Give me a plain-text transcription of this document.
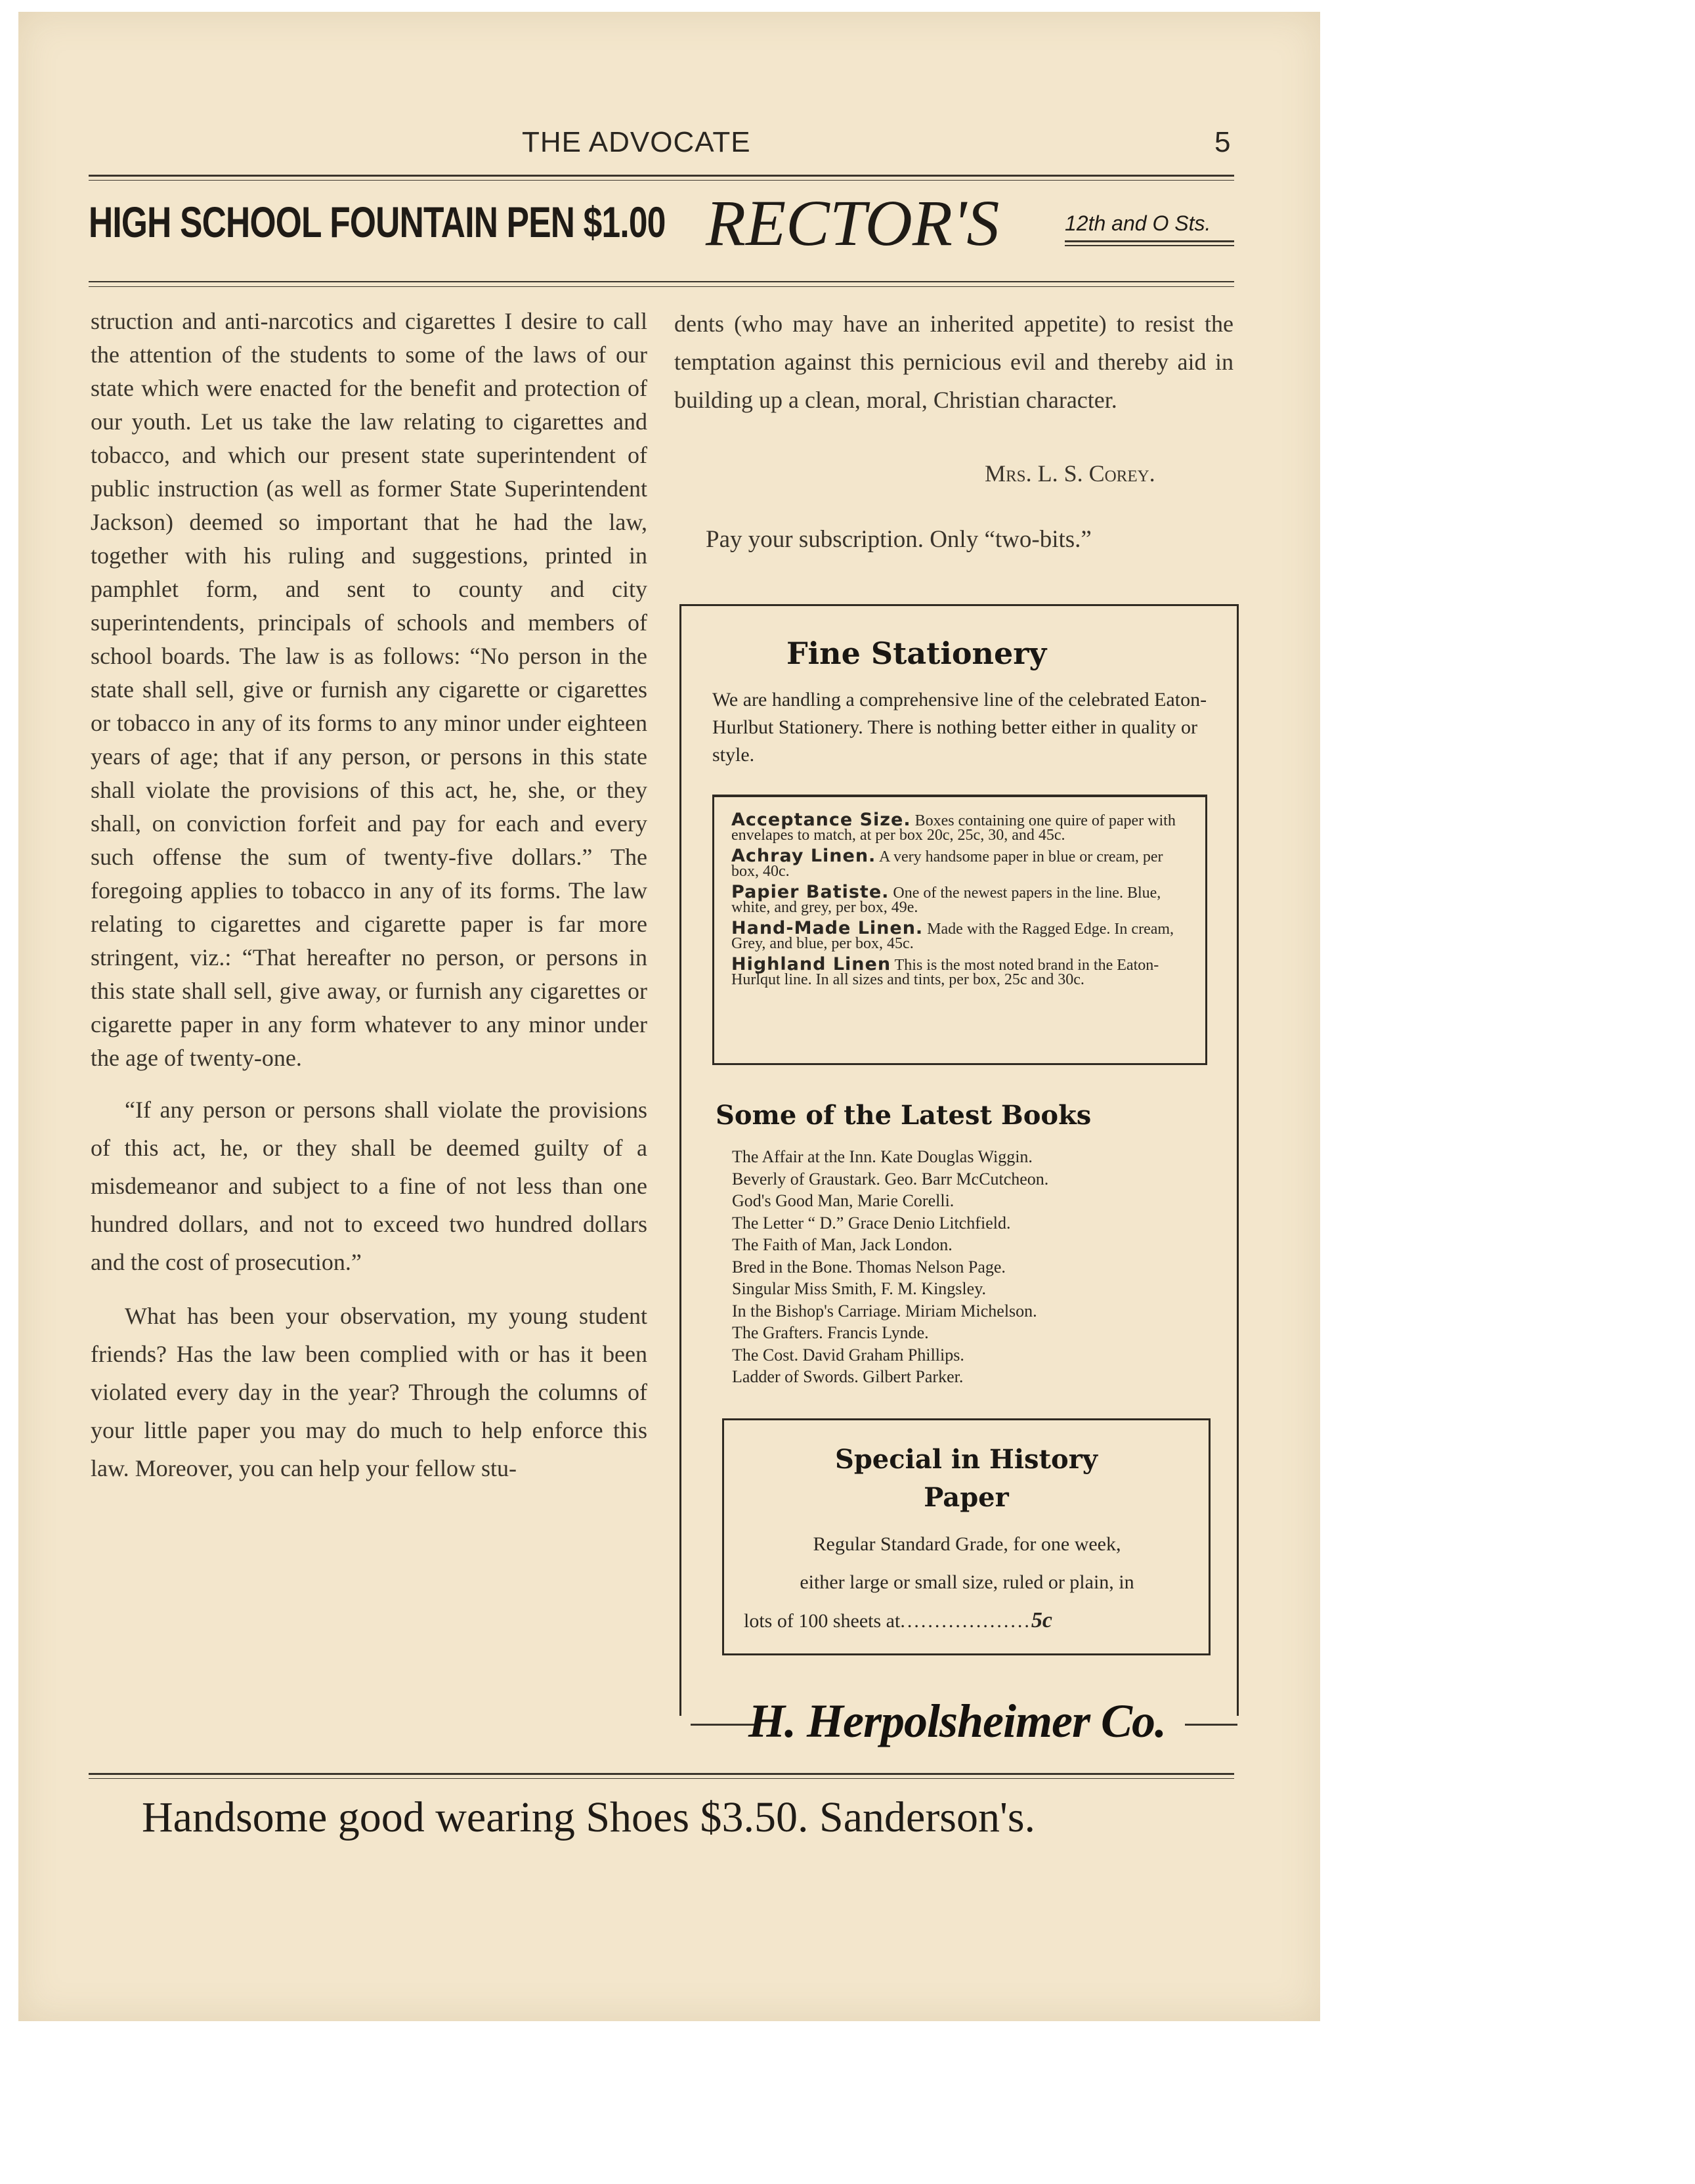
THE ADVOCATE	5
HIGH SCHOOL FOUNTAIN PEN $1.00 RECTOR'S	12th and O Sts.

struction and anti-narcotics and cigarettes I desire to call the attention of the students to some of the laws of our state which were enacted for the benefit and protection of our youth. Let us take the law relating to cigarettes and tobacco, and which our present state superintendent of public instruction (as well as former State Superintendent Jackson) deemed so important that he had the law, together with his ruling and suggestions, printed in pamphlet form, and sent to county and city superintendents, principals of schools and members of school boards. The law is as follows: “No person in the state shall sell, give or furnish any cigarette or cigarettes or tobacco in any of its forms to any minor under eighteen years of age; that if any person, or persons in this state shall violate the provisions of this act, he, she, or they shall, on conviction forfeit and pay for each and every such offense the sum of twenty-five dollars.” The foregoing applies to tobacco in any of its forms. The law relating to cigarettes and cigarette paper is far more stringent, viz.: “That hereafter no person, or persons in this state shall sell, give away, or furnish any cigarettes or cigarette paper in any form whatever to any minor under the age of twenty-one.

“If any person or persons shall violate the provisions of this act, he, or they shall be deemed guilty of a misdemeanor and subject to a fine of not less than one hundred dollars, and not to exceed two hundred dollars and the cost of prosecution.”

What has been your observation, my young student friends? Has the law been complied with or has it been violated every day in the year? Through the columns of your little paper you may do much to help enforce this law. Moreover, you can help your fellow stu-

dents (who may have an inherited appetite) to resist the temptation against this pernicious evil and thereby aid in building up a clean, moral, Christian character.
Mrs. L. S. Corey.
Pay your subscription. Only “two-bits.”
Fine Stationery
We are handling a comprehensive line of the celebrated Eaton-Hurlbut Stationery. There is nothing better either in quality or style.

Acceptance Size. Boxes containing one quire of paper with envelapes to match, at per box 20c, 25c, 30, and 45c.

Achray Linen. A very handsome paper in blue or cream, per box, 40c.

Papier Batiste. One of the newest papers in the line. Blue, white, and grey, per box, 49e.

Hand-Made Linen. Made with the Ragged Edge. In cream, Grey, and blue, per box, 45c.

Highland Linen This is the most noted brand in the Eaton-Hurlqut line. In all sizes and tints, per box, 25c and 30c.

Some of the Latest Books
The Affair at the Inn. Kate Douglas Wiggin.
Beverly of Graustark. Geo. Barr McCutcheon.
God's Good Man, Marie Corelli.
The Letter “ D.” Grace Denio Litchfield.
The Faith of Man, Jack London.
Bred in the Bone. Thomas Nelson Page.
Singular Miss Smith, F. M. Kingsley.
In the Bishop's Carriage. Miriam Michelson.
The Grafters. Francis Lynde.
The Cost. David Graham Phillips.
Ladder of Swords. Gilbert Parker.
Special in History
Paper
Regular Standard Grade, for one week,
either large or small size, ruled or plain, in
lots of 100 sheets at...................5c
H. Herpolsheimer Co.
Handsome good wearing Shoes $3.50. Sanderson's.
